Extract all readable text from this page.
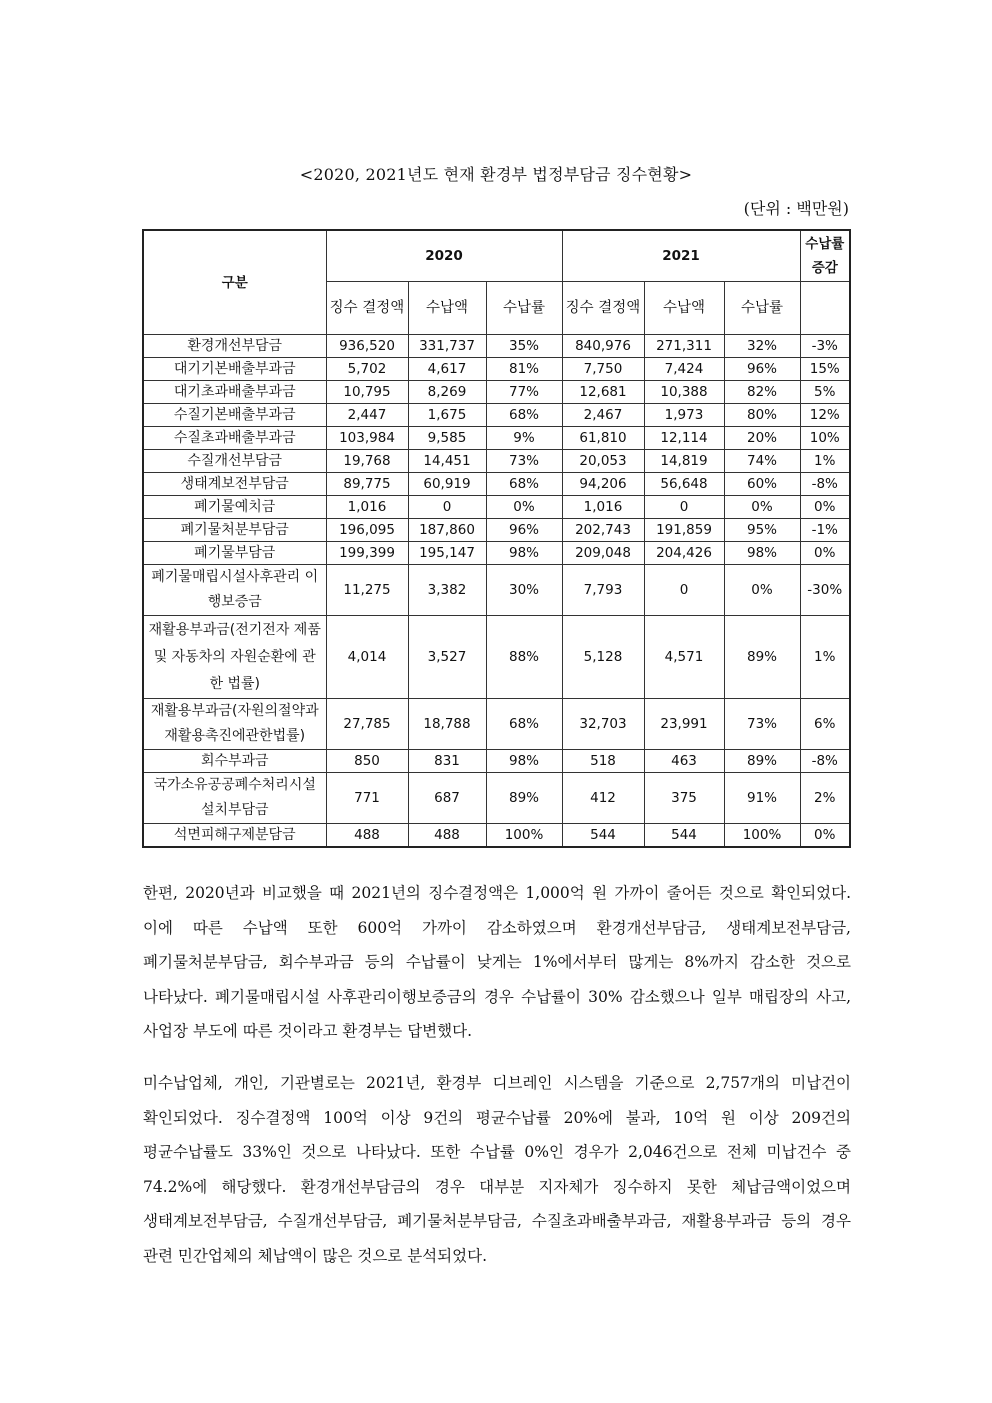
<2020, 2021년도 현재 환경부 법정부담금 징수현황>
(단위 : 백만원)
구분	2020			2021			수납률 증감
	징수 결정액	수납액	수납률	징수 결정액	수납액	수납률	
환경개선부담금	936,520	331,737	35%	840,976	271,311	32%	-3%
대기기본배출부과금	5,702	4,617	81%	7,750	7,424	96%	15%
대기초과배출부과금	10,795	8,269	77%	12,681	10,388	82%	5%
수질기본배출부과금	2,447	1,675	68%	2,467	1,973	80%	12%
수질초과배출부과금	103,984	9,585	9%	61,810	12,114	20%	10%
수질개선부담금	19,768	14,451	73%	20,053	14,819	74%	1%
생태계보전부담금	89,775	60,919	68%	94,206	56,648	60%	-8%
폐기물예치금	1,016	0	0%	1,016	0	0%	0%
폐기물처분부담금	196,095	187,860	96%	202,743	191,859	95%	-1%
폐기물부담금	199,399	195,147	98%	209,048	204,426	98%	0%
폐기물매립시설사후관리 이행보증금	11,275	3,382	30%	7,793	0	0%	-30%
재활용부과금(전기전자 제품 및 자동차의 자원순환에 관한 법률)	4,014	3,527	88%	5,128	4,571	89%	1%
재활용부과금(자원의절약과재활용촉진에관한법률)	27,785	18,788	68%	32,703	23,991	73%	6%
회수부과금	850	831	98%	518	463	89%	-8%
국가소유공공폐수처리시설 설치부담금	771	687	89%	412	375	91%	2%
석면피해구제분담금	488	488	100%	544	544	100%	0%
한편, 2020년과 비교했을 때 2021년의 징수결정액은 1,000억 원 가까이 줄어든 것으로 확인되었다. 이에 따른 수납액 또한 600억 가까이 감소하였으며 환경개선부담금, 생태계보전부담금, 폐기물처분부담금, 회수부과금 등의 수납률이 낮게는 1%에서부터 많게는 8%까지 감소한 것으로 나타났다. 폐기물매립시설 사후관리이행보증금의 경우 수납률이 30% 감소했으나 일부 매립장의 사고, 사업장 부도에 따른 것이라고 환경부는 답변했다.
미수납업체, 개인, 기관별로는 2021년, 환경부 디브레인 시스템을 기준으로 2,757개의 미납건이 확인되었다. 징수결정액 100억 이상 9건의 평균수납률 20%에 불과, 10억 원 이상 209건의 평균수납률도 33%인 것으로 나타났다. 또한 수납률 0%인 경우가 2,046건으로 전체 미납건수 중 74.2%에 해당했다. 환경개선부담금의 경우 대부분 지자체가 징수하지 못한 체납금액이었으며 생태계보전부담금, 수질개선부담금, 폐기물처분부담금, 수질초과배출부과금, 재활용부과금 등의 경우 관련 민간업체의 체납액이 많은 것으로 분석되었다.
